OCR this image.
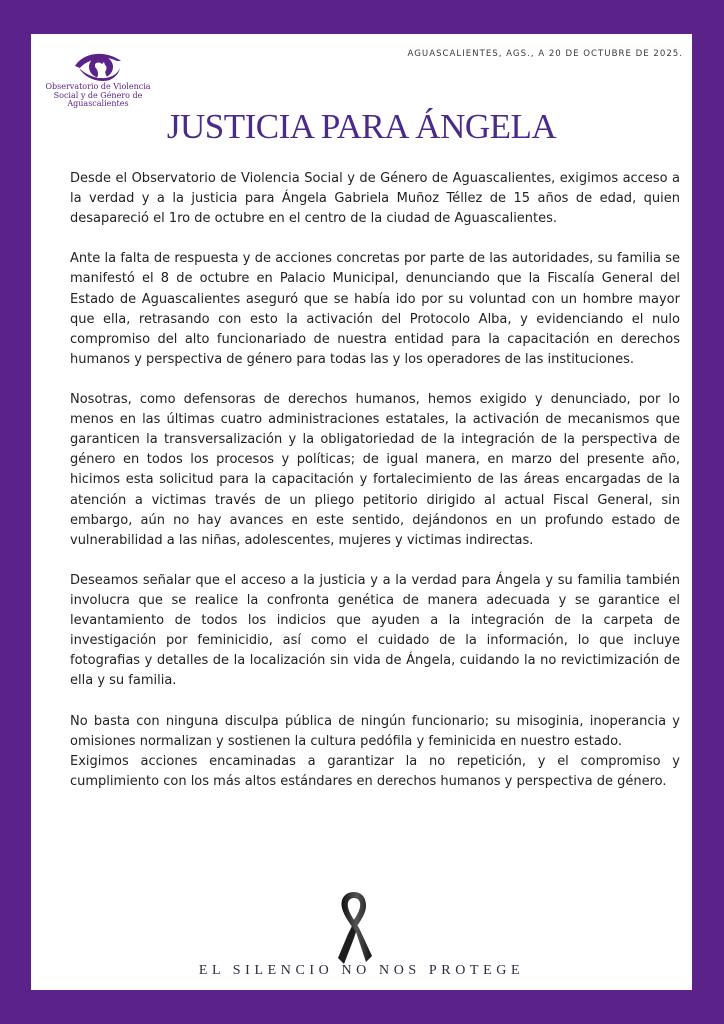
Observatorio de Violencia
Social y de Género de
Aguascalientes
AGUASCALIENTES, AGS., A 20 DE OCTUBRE DE 2025.
JUSTICIA PARA ÁNGELA

Desde el Observatorio de Violencia Social y de Género de Aguascalientes, exigimos acceso a la verdad y a la justicia para Ángela Gabriela Muñoz Téllez de 15 años de edad, quien desapareció el 1ro de octubre en el centro de la ciudad de Aguascalientes.

Ante la falta de respuesta y de acciones concretas por parte de las autoridades, su familia se manifestó el 8 de octubre en Palacio Municipal, denunciando que la Fiscalía General del Estado de Aguascalientes aseguró que se había ido por su voluntad con un hombre mayor que ella, retrasando con esto la activación del Protocolo Alba, y evidenciando el nulo compromiso del alto funcionariado de nuestra entidad para la capacitación en derechos humanos y perspectiva de género para todas las y los operadores de las instituciones.

Nosotras, como defensoras de derechos humanos, hemos exigido y denunciado, por lo menos en las últimas cuatro administraciones estatales, la activación de mecanismos que garanticen la transversalización y la obligatoriedad de la integración de la perspectiva de género en todos los procesos y políticas; de igual manera, en marzo del presente año, hicimos esta solicitud para la capacitación y fortalecimiento de las áreas encargadas de la atención a victimas través de un pliego petitorio dirigido al actual Fiscal General, sin embargo, aún no hay avances en este sentido, dejándonos en un profundo estado de vulnerabilidad a las niñas, adolescentes, mujeres y victimas indirectas.

Deseamos señalar que el acceso a la justicia y a la verdad para Ángela y su familia también involucra que se realice la confronta genética de manera adecuada y se garantice el levantamiento de todos los indicios que ayuden a la integración de la carpeta de investigación por feminicidio, así como el cuidado de la información, lo que incluye fotografias y detalles de la localización sin vida de Ángela, cuidando la no revictimización de ella y su familia.

No basta con ninguna disculpa pública de ningún funcionario; su misoginia, inoperancia y omisiones normalizan y sostienen la cultura pedófila y feminicida en nuestro estado.

Exigimos acciones encaminadas a garantizar la no repetición, y el compromiso y cumplimiento con los más altos estándares en derechos humanos y perspectiva de género.

EL SILENCIO NO NOS PROTEGE
